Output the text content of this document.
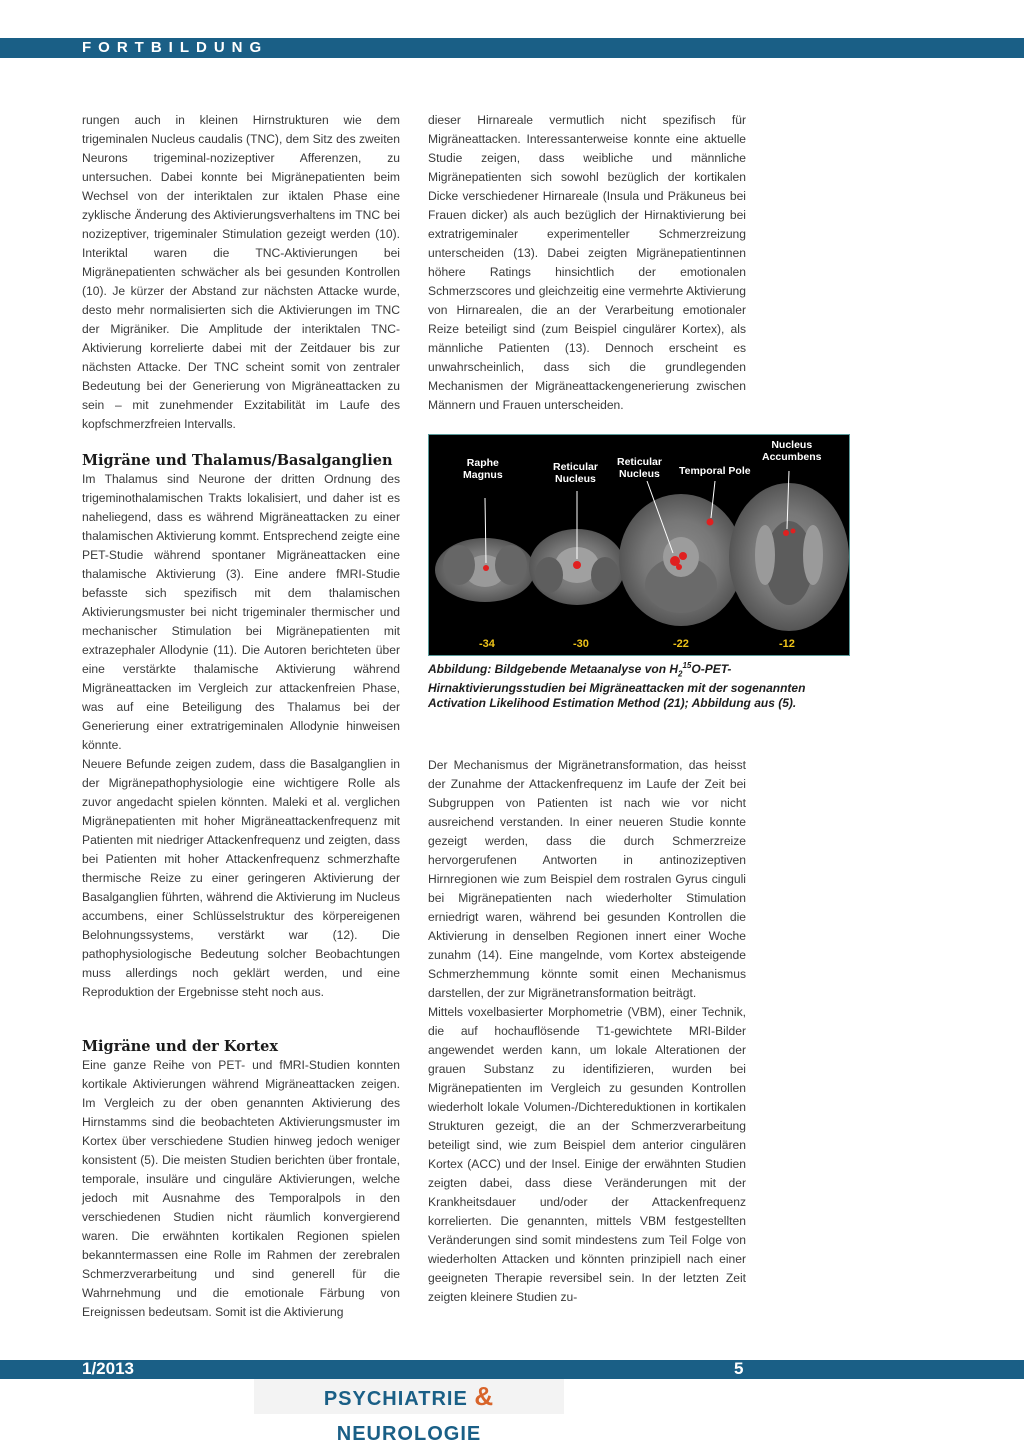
FORTBILDUNG

rungen auch in kleinen Hirnstrukturen wie dem trigeminalen Nucleus caudalis (TNC), dem Sitz des zweiten Neurons trigeminal-nozizeptiver Afferenzen, zu untersuchen. Dabei konnte bei Migränepatienten beim Wechsel von der interiktalen zur iktalen Phase eine zyklische Änderung des Aktivierungsverhaltens im TNC bei nozizeptiver, trigeminaler Stimulation gezeigt werden (10). Interiktal waren die TNC-Aktivierungen bei Migränepatienten schwächer als bei gesunden Kontrollen (10). Je kürzer der Abstand zur nächsten Attacke wurde, desto mehr normalisierten sich die Aktivierungen im TNC der Migräniker. Die Amplitude der interiktalen TNC-Aktivierung korrelierte dabei mit der Zeitdauer bis zur nächsten Attacke. Der TNC scheint somit von zentraler Bedeutung bei der Generierung von Migräneattacken zu sein – mit zunehmender Exzitabilität im Laufe des kopfschmerzfreien Intervalls.

Migräne und Thalamus/Basalganglien

Im Thalamus sind Neurone der dritten Ordnung des trigeminothalamischen Trakts lokalisiert, und daher ist es naheliegend, dass es während Migräneattacken zu einer thalamischen Aktivierung kommt. Entsprechend zeigte eine PET-Studie während spontaner Migräneattacken eine thalamische Aktivierung (3). Eine andere fMRI-Studie befasste sich spezifisch mit dem thalamischen Aktivierungsmuster bei nicht trigeminaler thermischer und mechanischer Stimulation bei Migränepatienten mit extrazephaler Allodynie (11). Die Autoren berichteten über eine verstärkte thalamische Aktivierung während Migräneattacken im Vergleich zur attackenfreien Phase, was auf eine Beteiligung des Thalamus bei der Generierung einer extratrigeminalen Allodynie hinweisen könnte.

Neuere Befunde zeigen zudem, dass die Basalganglien in der Migränepathophysiologie eine wichtigere Rolle als zuvor angedacht spielen könnten. Maleki et al. verglichen Migränepatienten mit hoher Migräneattackenfrequenz mit Patienten mit niedriger Attackenfrequenz und zeigten, dass bei Patienten mit hoher Attackenfrequenz schmerzhafte thermische Reize zu einer geringeren Aktivierung der Basalganglien führten, während die Aktivierung im Nucleus accumbens, einer Schlüsselstruktur des körpereigenen Belohnungssystems, verstärkt war (12). Die pathophysiologische Bedeutung solcher Beobachtungen muss allerdings noch geklärt werden, und eine Reproduktion der Ergebnisse steht noch aus.

Migräne und der Kortex

Eine ganze Reihe von PET- und fMRI-Studien konnten kortikale Aktivierungen während Migräneattacken zeigen. Im Vergleich zu der oben genannten Aktivierung des Hirnstamms sind die beobachteten Aktivierungsmuster im Kortex über verschiedene Studien hinweg jedoch weniger konsistent (5). Die meisten Studien berichten über frontale, temporale, insuläre und cinguläre Aktivierungen, welche jedoch mit Ausnahme des Temporalpols in den verschiedenen Studien nicht räumlich konvergierend waren. Die erwähnten kortikalen Regionen spielen bekanntermassen eine Rolle im Rahmen der zerebralen Schmerzverarbeitung und sind generell für die Wahrnehmung und die emotionale Färbung von Ereignissen bedeutsam. Somit ist die Aktivierung

dieser Hirnareale vermutlich nicht spezifisch für Migräneattacken. Interessanterweise konnte eine aktuelle Studie zeigen, dass weibliche und männliche Migränepatienten sich sowohl bezüglich der kortikalen Dicke verschiedener Hirnareale (Insula und Präkuneus bei Frauen dicker) als auch bezüglich der Hirnaktivierung bei extratrigeminaler experimenteller Schmerzreizung unterscheiden (13). Dabei zeigten Migränepatientinnen höhere Ratings hinsichtlich der emotionalen Schmerzscores und gleichzeitig eine vermehrte Aktivierung von Hirnarealen, die an der Verarbeitung emotionaler Reize beteiligt sind (zum Beispiel cingulärer Kortex), als männliche Patienten (13). Dennoch erscheint es unwahrscheinlich, dass sich die grundlegenden Mechanismen der Migräneattackengenerierung zwischen Männern und Frauen unterscheiden.

Raphe
Magnus
Reticular
Nucleus
Reticular
Nucleus Temporal Pole
Nucleus
Accumbens
-34	-30	-22	-12
Abbildung: Bildgebende Metaanalyse von $H_2^{15}O-PET$-Hirnaktivierungsstudien bei Migräneattacken mit der sogenannten Activation Likelihood Estimation Method (21); Abbildung aus (5).

Der Mechanismus der Migränetransformation, das heisst der Zunahme der Attackenfrequenz im Laufe der Zeit bei Subgruppen von Patienten ist nach wie vor nicht ausreichend verstanden. In einer neueren Studie konnte gezeigt werden, dass die durch Schmerzreize hervorgerufenen Antworten in antinozizeptiven Hirnregionen wie zum Beispiel dem rostralen Gyrus cinguli bei Migränepatienten nach wiederholter Stimulation erniedrigt waren, während bei gesunden Kontrollen die Aktivierung in denselben Regionen innert einer Woche zunahm (14). Eine mangelnde, vom Kortex absteigende Schmerzhemmung könnte somit einen Mechanismus darstellen, der zur Migränetransformation beiträgt.

Mittels voxelbasierter Morphometrie (VBM), einer Technik, die auf hochauflösende T1-gewichtete MRI-Bilder angewendet werden kann, um lokale Alterationen der grauen Substanz zu identifizieren, wurden bei Migränepatienten im Vergleich zu gesunden Kontrollen wiederholt lokale Volumen-/Dichtereduktionen in kortikalen Strukturen gezeigt, die an der Schmerzverarbeitung beteiligt sind, wie zum Beispiel dem anterior cingulären Kortex (ACC) und der Insel. Einige der erwähnten Studien zeigten dabei, dass diese Veränderungen mit der Krankheitsdauer und/oder der Attackenfrequenz korrelierten. Die genannten, mittels VBM festgestellten Veränderungen sind somit mindestens zum Teil Folge von wiederholten Attacken und könnten prinzipiell nach einer geeigneten Therapie reversibel sein. In der letzten Zeit zeigten kleinere Studien zu-

1/2013	5
PSYCHIATRIE & NEUROLOGIE
